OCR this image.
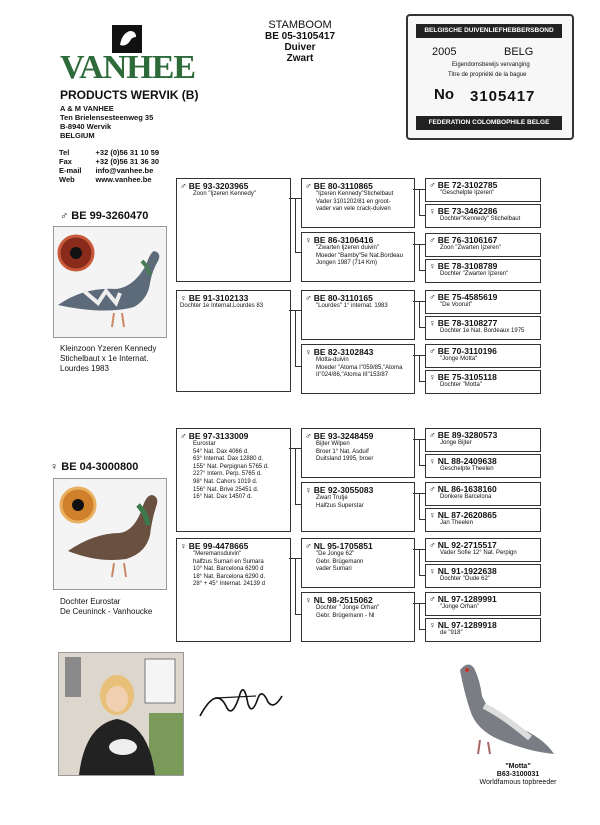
VANHEE
PRODUCTS WERVIK (B)
A & M VANHEE
Ten Brielensesteenweg 35
B-8940 Wervik
BELGIUM
Tel	+32 (0)56 31 10 59
Fax	+32 (0)56 31 36 30
E-mail	info@vanhee.be
Web	www.vanhee.be
STAMBOOM
BE 05-3105417
Duiver
Zwart
BELGISCHE DUIVENLIEFHEBBERSBOND
2005	BELG
Eigendomsbewijs vervanging
Titre de propriété de la bague
No 3105417
FEDERATION COLOMBOPHILE BELGE
♂ BE 99-3260470
Kleinzoon Yzeren Kennedy
Stichelbaut x 1e Internat.
Lourdes 1983
♀ BE 04-3000800
Dochter Eurostar
De Ceuninck - Vanhoucke
♂ BE 93-3203965
Zoon "Ijzeren Kennedy"
♀ BE 91-3102133
Dochter 1e Internat.Lourdes 83
♂ BE 97-3133009
Eurostar
54° Nat. Dax 4066 d.
63° Internat. Dax 12880 d.
155° Nat. Perpignan 5765 d.
227° Intern. Perp. 5765 d.
98° Nat. Cahors 1019 d.
156° Nat. Brive 25451 d.
16° Nat. Dax 14507 d.
♀ BE 99-4478665
"Meremansduivin"
halfzus Sumari en Sumara
10° Nat. Barcelona 6290 d
18° Nat. Barcelona 6290 d.
28° + 45° Internat. 24139 d
♂ BE 80-3110865
"Ijzeren Kennedy"Stichelbaut
Vader 3101202/81 en groot-
vader van vele crack-duiven
♀ BE 86-3106416
"Zwarten Ijzeren duivin"
Moeder "Bamby"5e Nat.Bordeau
Jongen 1987 (714 Km)
♂ BE 80-3110165
"Lourdes" 1° internat. 1983
♀ BE 82-3102843
Motta-duivin
Moeder "Atoma I"059/85,"Atoma
II"024/86,"Atoma III"153/87
♂ BE 93-3248459
Bijter Wilpen
Broer 1° Nat. Asduif
Duitsland 1995, broer
♀ BE 92-3055083
Zwart Trutje
Halfzus Superstar
♂ NL 95-1705851
"De Jonge 62"
Gebr. Brügemann
vader Sumari
♀ NL 98-2515062
Dochter " Jonge Orhan"
Gebr. Brügemann - Nl
♂ BE 72-3102785
"Geschelpte Ijzeren"
♀ BE 73-3462286
Dochter"Kennedy" Stichelbaut
♂ BE 76-3106167
Zoon "Zwarten Ijzeren"
♀ BE 78-3108789
Dochter "Zwarten Ijzeren"
♂ BE 75-4585619
"De Vooruit"
♀ BE 78-3108277
Dochter 1e Nat. Bordeaux 1975
♂ BE 70-3110196
"Jonge Motta"
♀ BE 75-3105118
Dochter "Motta"
♂ BE 89-3280573
Jonge Bijter
♀ NL 88-2409638
Geschelpte Theelen
♂ NL 86-1638160
Donkere Barcelona
♀ NL 87-2620865
Jan Theelen
♂ NL 92-2715517
Vader Sofie 12° Nat. Perpign
♀ NL 91-1922638
Dochter "Oude 62"
♂ NL 97-1289991
"Jonge Orhan"
♀ NL 97-1289918
de "918"
"Motta"
B63-3100031
Worldfamous topbreeder
